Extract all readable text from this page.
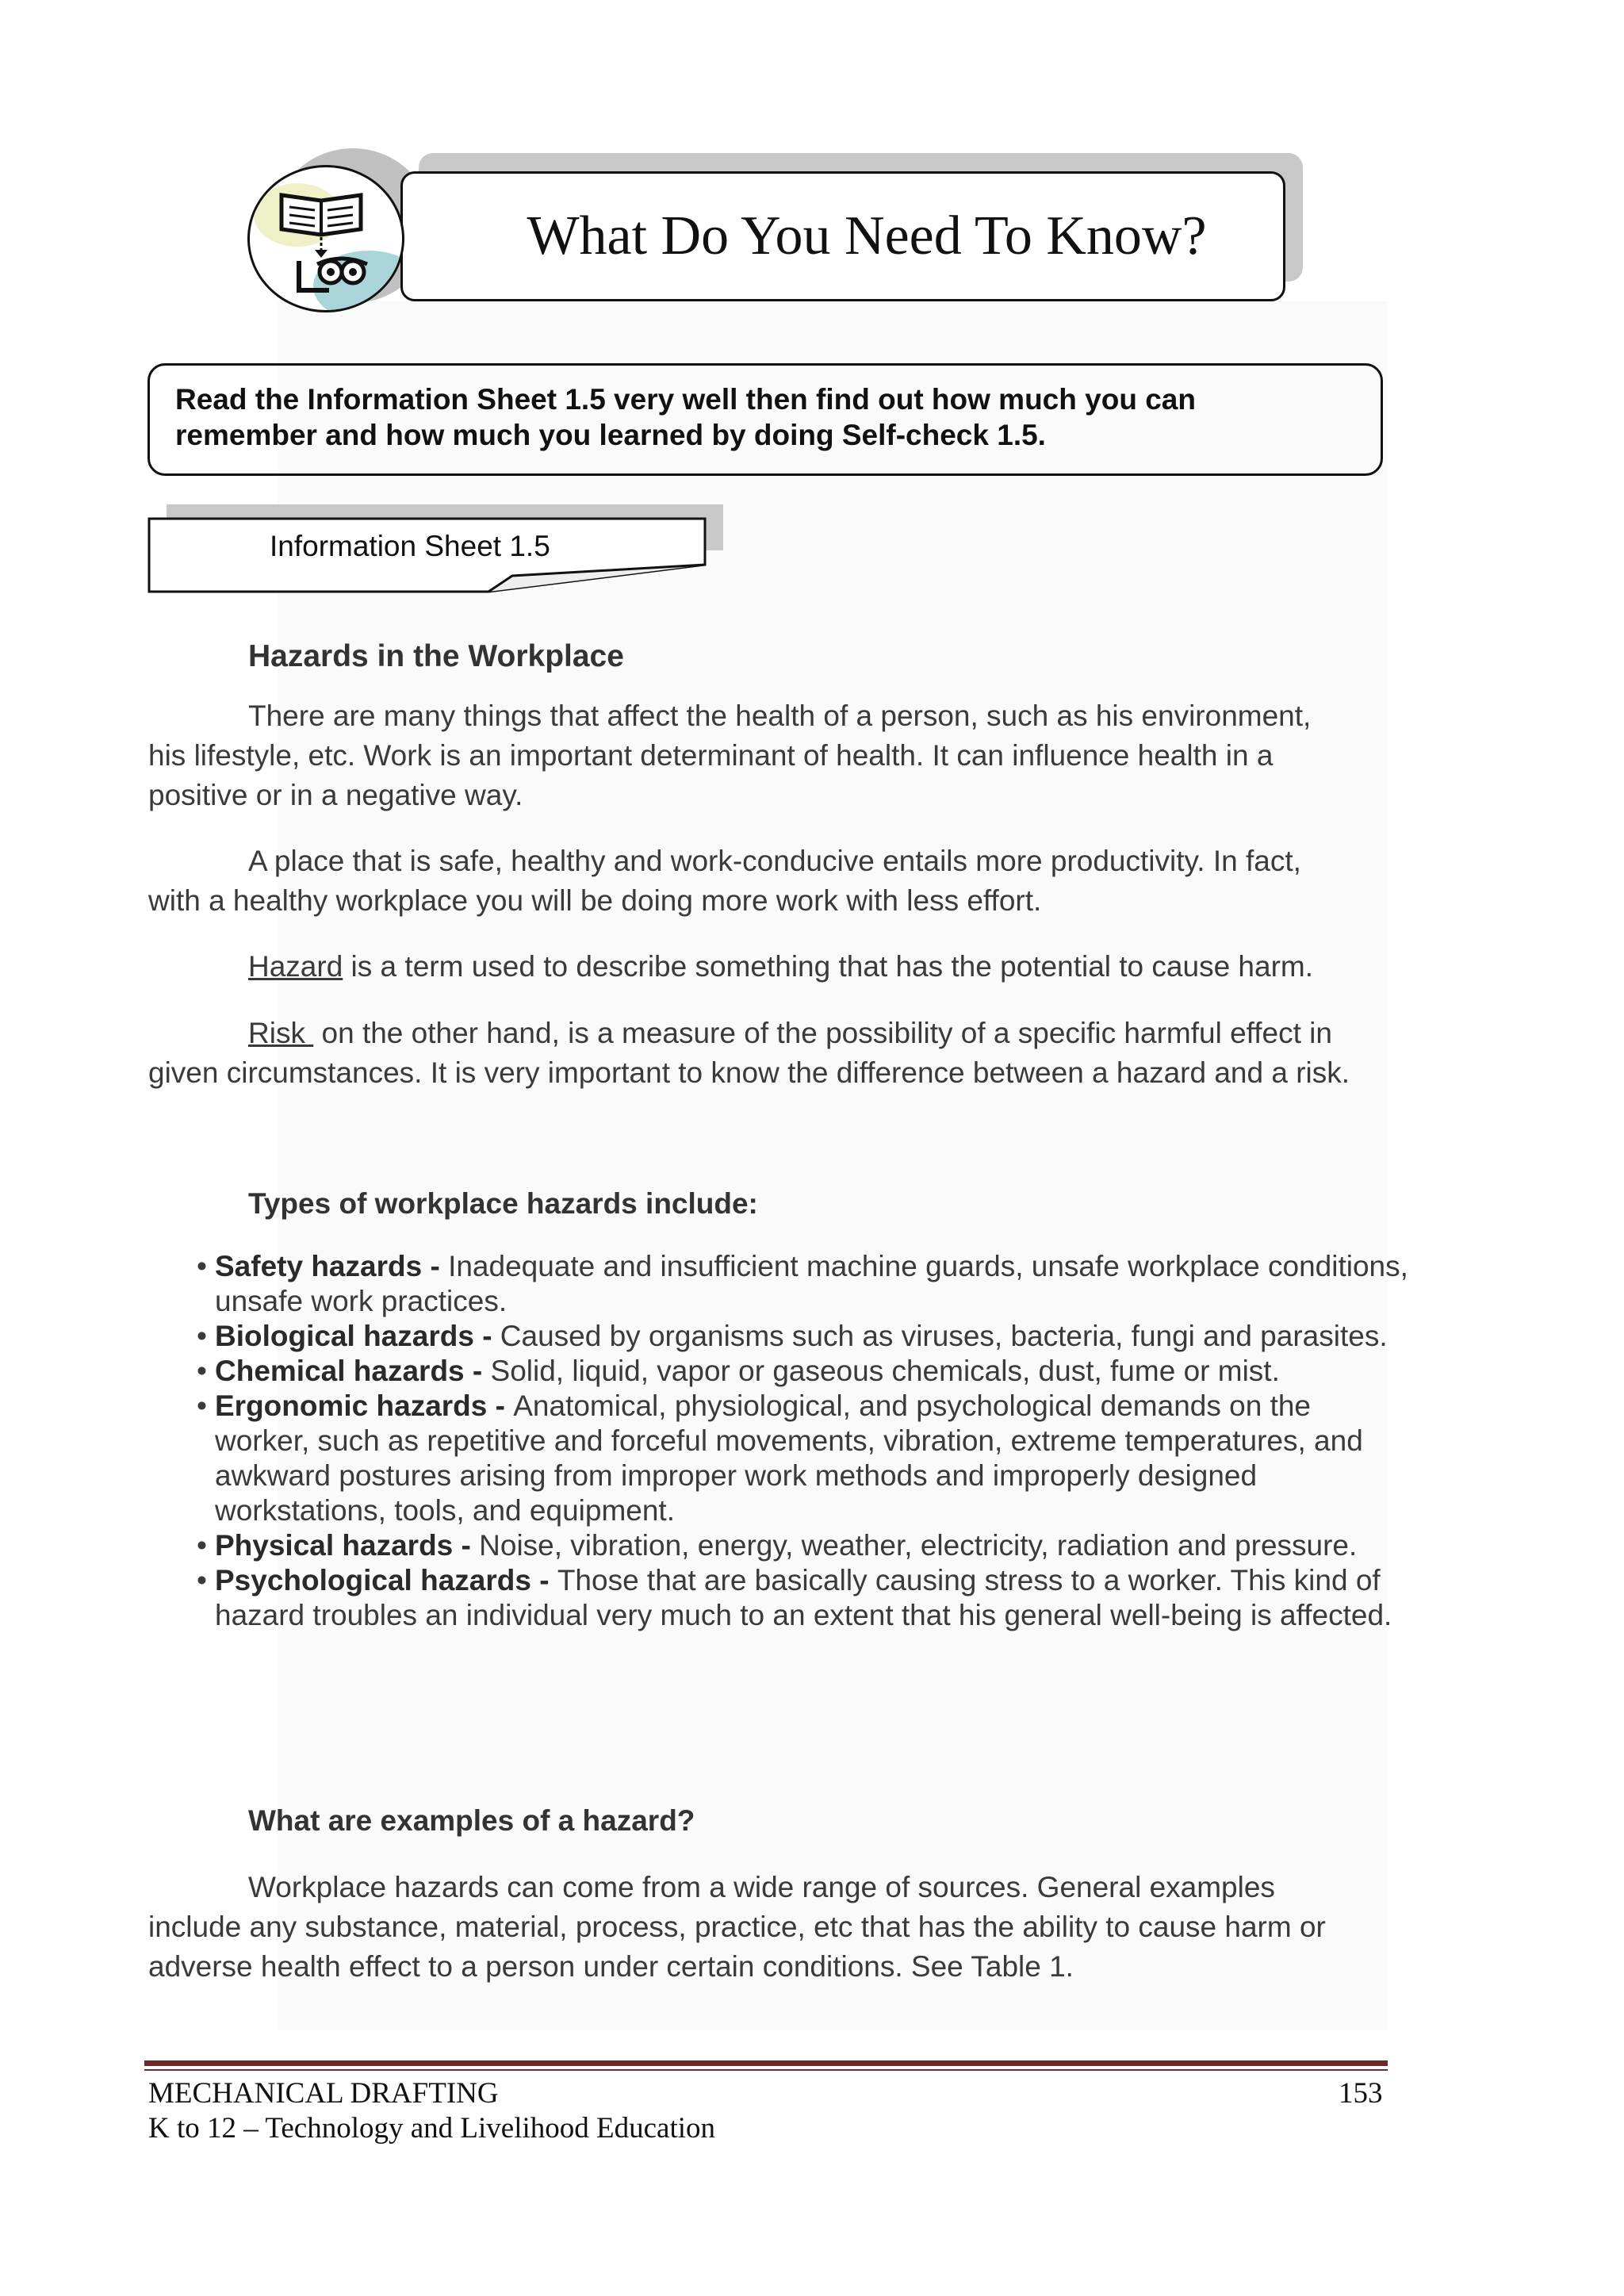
What Do You Need To Know?
Read the Information Sheet 1.5 very well then find out how much you can
remember and how much you learned by doing Self-check 1.5.
Information Sheet 1.5
Hazards in the Workplace
There are many things that affect the health of a person, such as his environment,
his lifestyle, etc. Work is an important determinant of health. It can influence health in a
positive or in a negative way.
A place that is safe, healthy and work-conducive entails more productivity. In fact,
with a healthy workplace you will be doing more work with less effort.
Hazard is a term used to describe something that has the potential to cause harm.
Risk  on the other hand, is a measure of the possibility of a specific harmful effect in
given circumstances. It is very important to know the difference between a hazard and a risk.
Types of workplace hazards include:
• Safety hazards - Inadequate and insufficient machine guards, unsafe workplace conditions, unsafe work practices.
• Biological hazards - Caused by organisms such as viruses, bacteria, fungi and parasites.
• Chemical hazards - Solid, liquid, vapor or gaseous chemicals, dust, fume or mist.
• Ergonomic hazards - Anatomical, physiological, and psychological demands on the worker, such as repetitive and forceful movements, vibration, extreme temperatures, and awkward postures arising from improper work methods and improperly designed workstations, tools, and equipment.
• Physical hazards - Noise, vibration, energy, weather, electricity, radiation and pressure.
• Psychological hazards - Those that are basically causing stress to a worker. This kind of hazard troubles an individual very much to an extent that his general well-being is affected.
What are examples of a hazard?
Workplace hazards can come from a wide range of sources. General examples
include any substance, material, process, practice, etc that has the ability to cause harm or
adverse health effect to a person under certain conditions. See Table 1.
MECHANICAL DRAFTING
K to 12 – Technology and Livelihood Education
153
